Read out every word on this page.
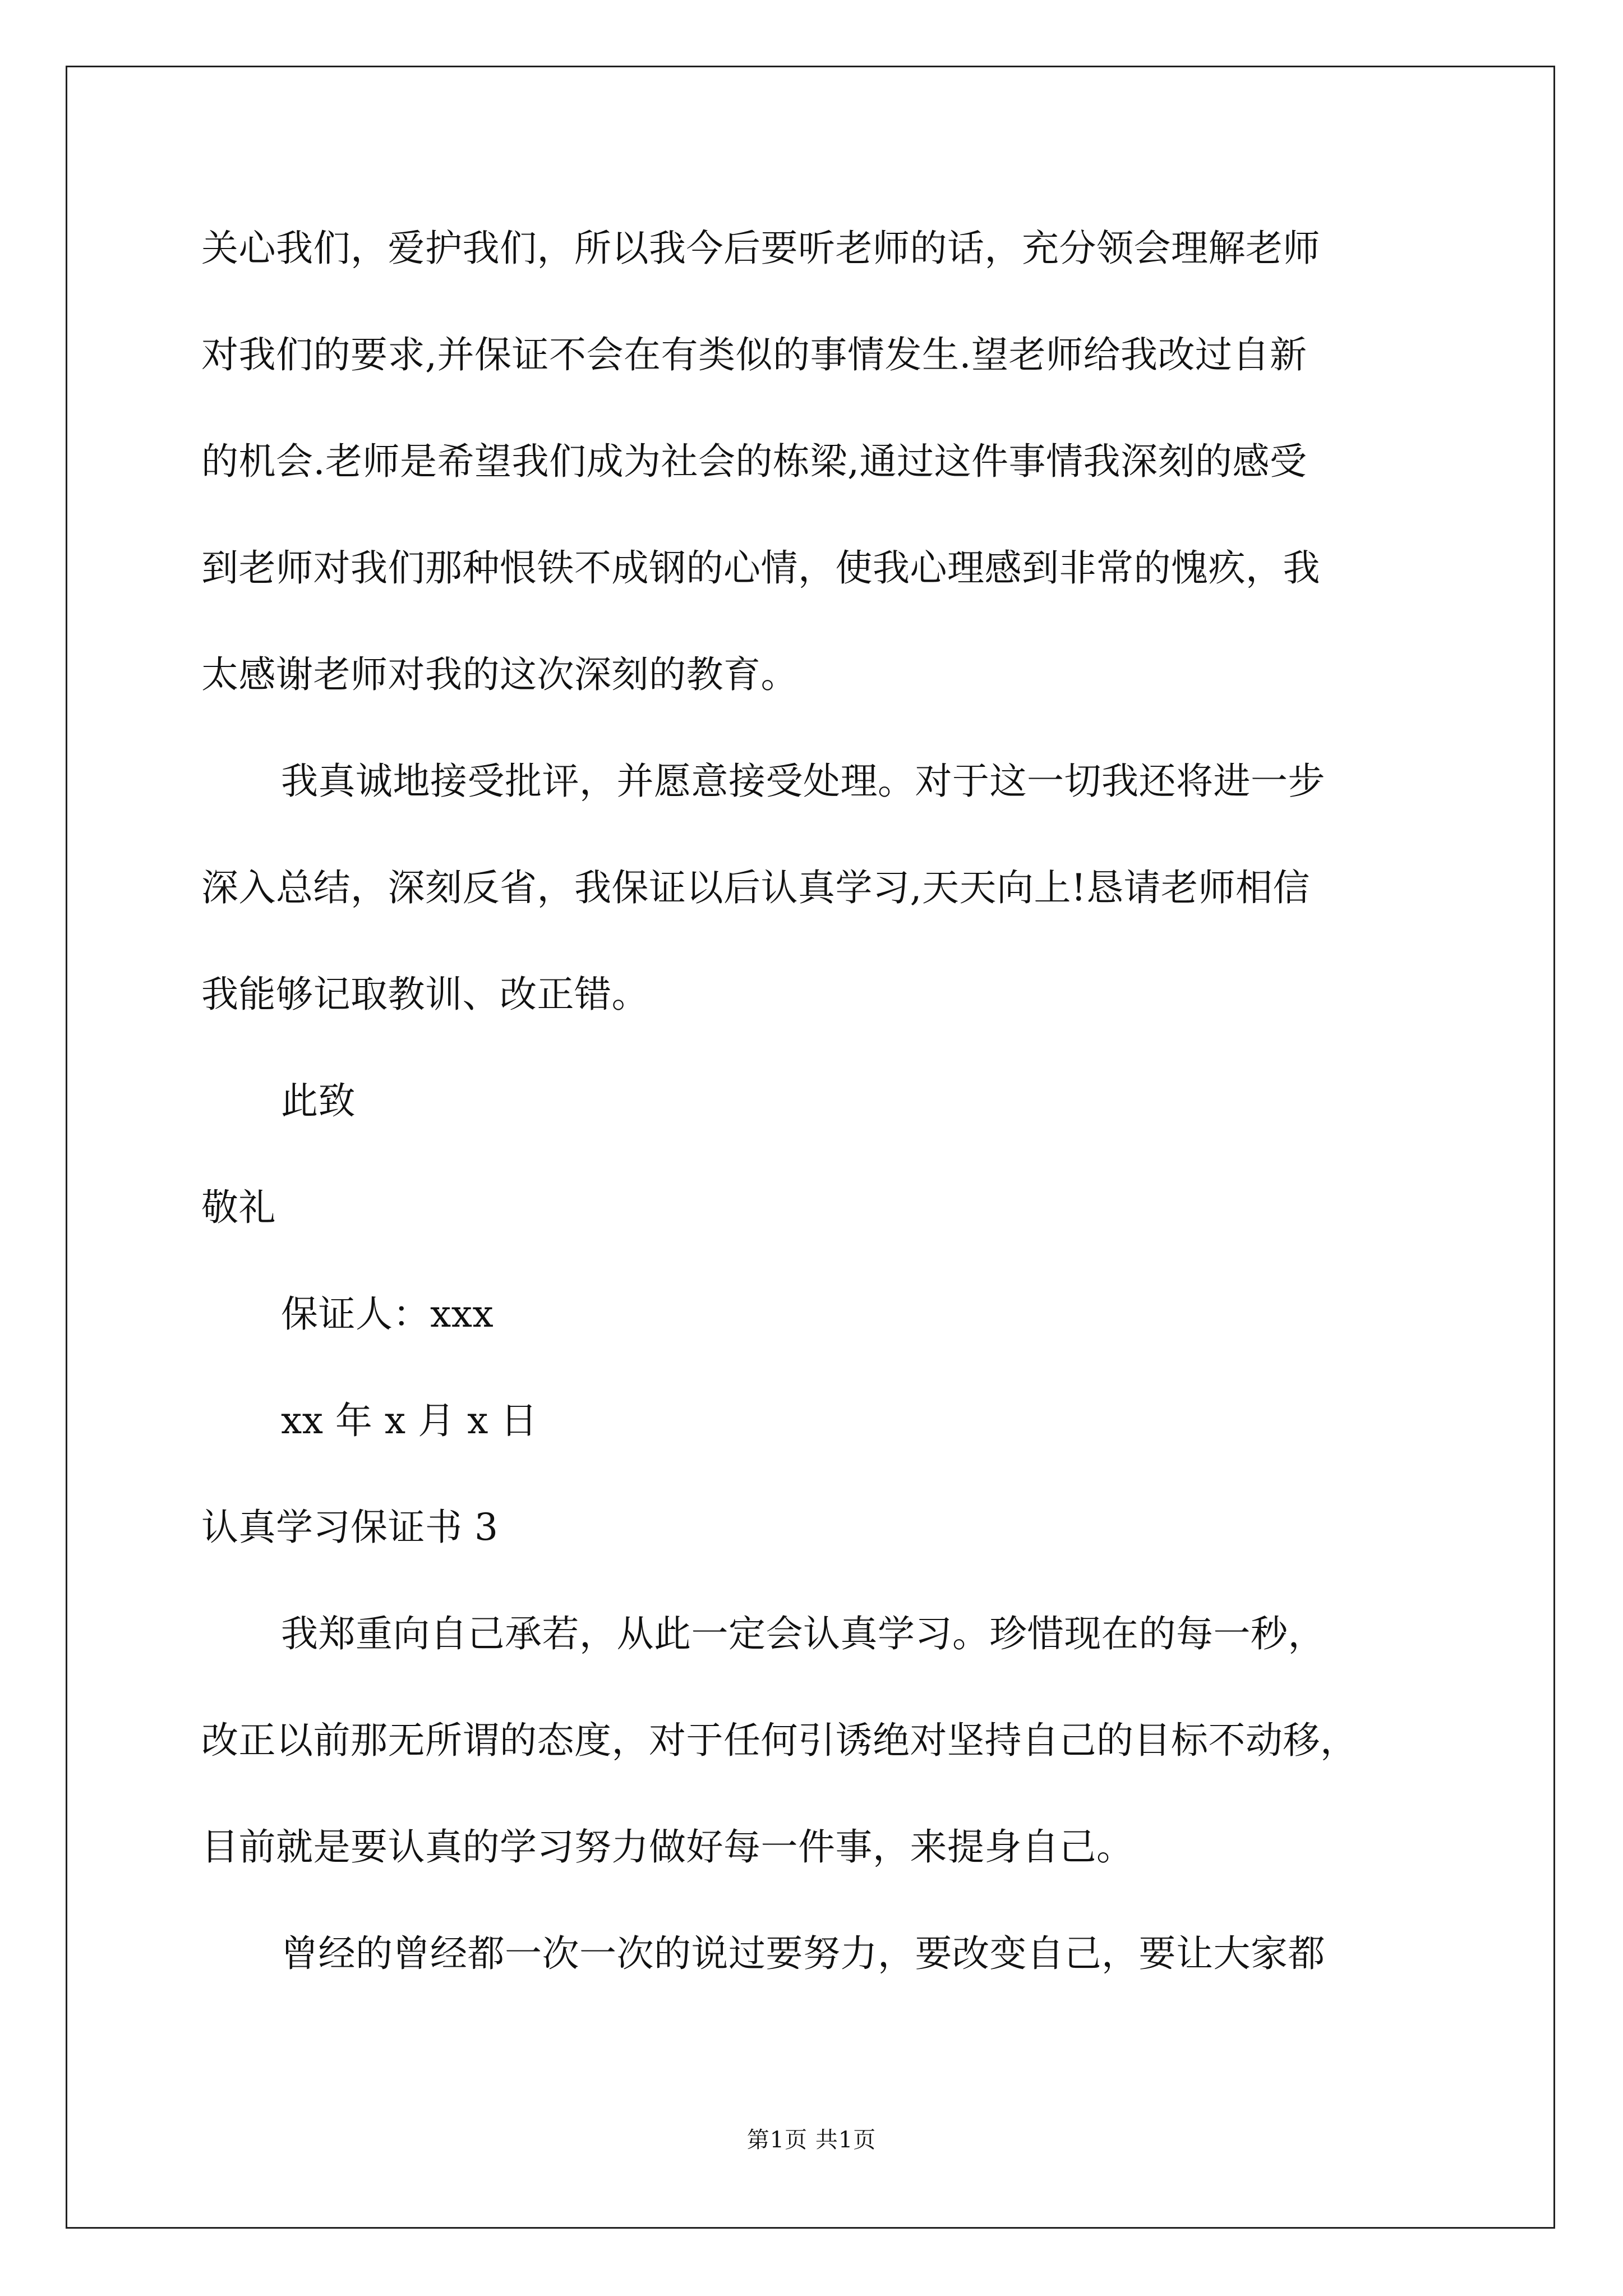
关心我们，爱护我们，所以我今后要听老师的话，充分领会理解老师
对我们的要求,并保证不会在有类似的事情发生.望老师给我改过自新
的机会.老师是希望我们成为社会的栋梁,通过这件事情我深刻的感受
到老师对我们那种恨铁不成钢的心情，使我心理感到非常的愧疚，我
太感谢老师对我的这次深刻的教育。
我真诚地接受批评，并愿意接受处理。对于这一切我还将进一步
深入总结，深刻反省，我保证以后认真学习,天天向上!恳请老师相信
我能够记取教训、改正错。
此致
敬礼
保证人：xxx
xx 年 x 月 x 日
认真学习保证书 3
我郑重向自己承若，从此一定会认真学习。珍惜现在的每一秒，
改正以前那无所谓的态度，对于任何引诱绝对坚持自己的目标不动移，
目前就是要认真的学习努力做好每一件事，来提身自己。
曾经的曾经都一次一次的说过要努力，要改变自己，要让大家都
第1页 共1页
